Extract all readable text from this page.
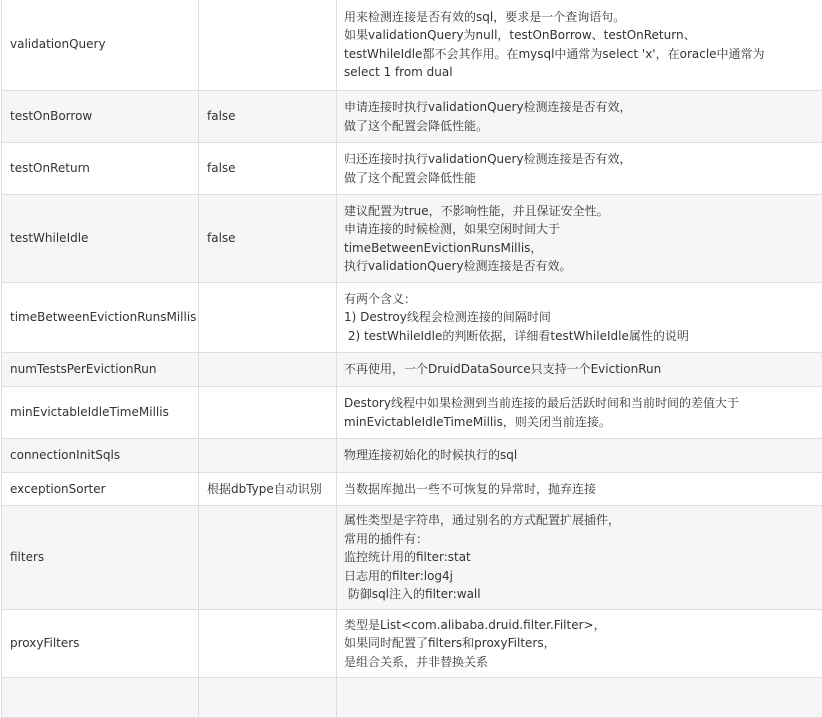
validationQuery		用来检测连接是否有效的sql，要求是一个查询语句。
如果validationQuery为null，testOnBorrow、testOnReturn、
testWhileIdle都不会其作用。在mysql中通常为select 'x'，在oracle中通常为
select 1 from dual

testOnBorrow	false	申请连接时执行validationQuery检测连接是否有效，
做了这个配置会降低性能。

testOnReturn	false	归还连接时执行validationQuery检测连接是否有效，
做了这个配置会降低性能

testWhileIdle	false	建议配置为true，不影响性能，并且保证安全性。
申请连接的时候检测，如果空闲时间大于
timeBetweenEvictionRunsMillis，
执行validationQuery检测连接是否有效。

timeBetweenEvictionRunsMillis		有两个含义：
1) Destroy线程会检测连接的间隔时间
2) testWhileIdle的判断依据，详细看testWhileIdle属性的说明

numTestsPerEvictionRun		不再使用，一个DruidDataSource只支持一个EvictionRun

minEvictableIdleTimeMillis		Destory线程中如果检测到当前连接的最后活跃时间和当前时间的差值大于
minEvictableIdleTimeMillis，则关闭当前连接。

connectionInitSqls		物理连接初始化的时候执行的sql

exceptionSorter	根据dbType自动识别	当数据库抛出一些不可恢复的异常时，抛弃连接

filters		属性类型是字符串，通过别名的方式配置扩展插件，
常用的插件有：
监控统计用的filter:stat
日志用的filter:log4j
防御sql注入的filter:wall

proxyFilters		类型是List<com.alibaba.druid.filter.Filter>，
如果同时配置了filters和proxyFilters，
是组合关系，并非替换关系
